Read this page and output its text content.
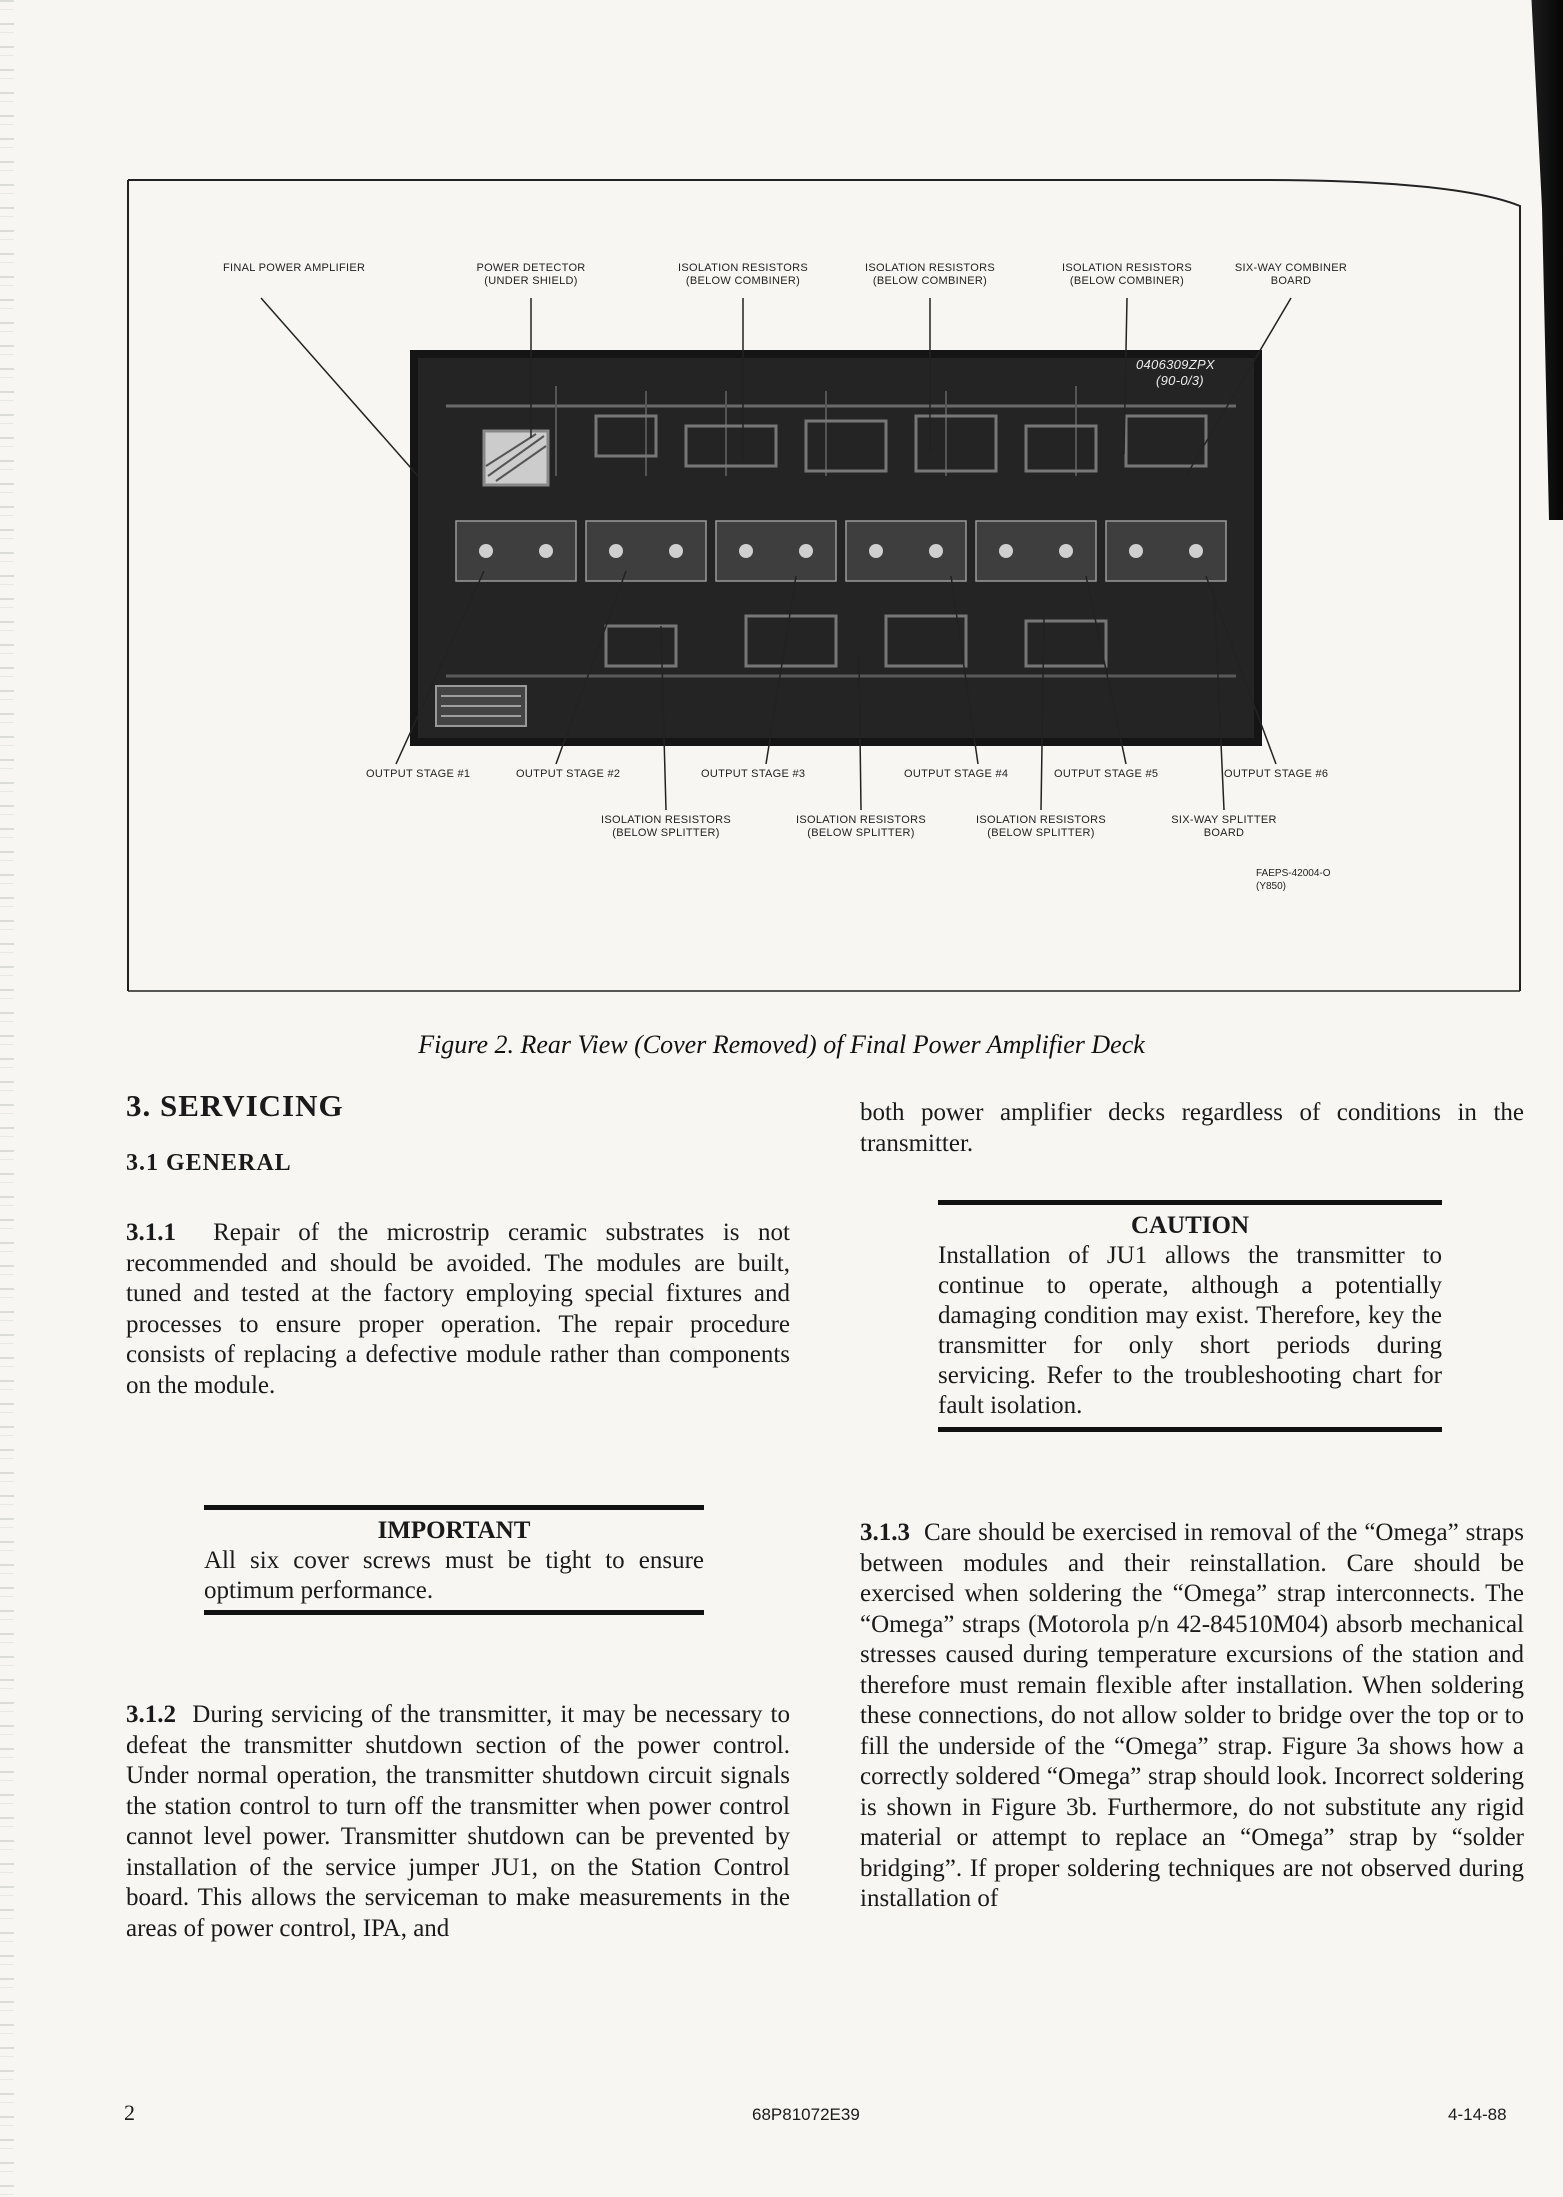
FINAL POWER AMPLIFIER	POWER DETECTOR (UNDER SHIELD)
ISOLATION RESISTORS (BELOW COMBINER)
ISOLATION RESISTORS (BELOW COMBINER)
ISOLATION RESISTORS (BELOW COMBINER)
SIX-WAY COMBINER BOARD
0406309ZPX
(90-0/3)
OUTPUT STAGE #1	OUTPUT STAGE #2	OUTPUT STAGE #3	OUTPUT STAGE #4	OUTPUT STAGE #5	OUTPUT STAGE #6
ISOLATION RESISTORS (BELOW SPLITTER)
ISOLATION RESISTORS (BELOW SPLITTER)
ISOLATION RESISTORS (BELOW SPLITTER)
SIX-WAY SPLITTER BOARD
FAEPS-42004-O
(Y850)
Figure 2. Rear View (Cover Removed) of Final Power Amplifier Deck
3. SERVICING
3.1 GENERAL

3.1.1 Repair of the microstrip ceramic substrates is not recommended and should be avoided. The modules are built, tuned and tested at the factory employing special fixtures and processes to ensure proper operation. The repair procedure consists of replacing a defective module rather than components on the module.

IMPORTANT
All six cover screws must be tight to ensure optimum performance.

3.1.2 During servicing of the transmitter, it may be necessary to defeat the transmitter shutdown section of the power control. Under normal operation, the transmitter shutdown circuit signals the station control to turn off the transmitter when power control cannot level power. Transmitter shutdown can be prevented by installation of the service jumper JU1, on the Station Control board. This allows the serviceman to make measurements in the areas of power control, IPA, and

both power amplifier decks regardless of conditions in the transmitter.

CAUTION
Installation of JU1 allows the transmitter to continue to operate, although a potentially damaging condition may exist. Therefore, key the transmitter for only short periods during servicing. Refer to the troubleshooting chart for fault isolation.

3.1.3 Care should be exercised in removal of the “Omega” straps between modules and their reinstallation. Care should be exercised when soldering the “Omega” strap interconnects. The “Omega” straps (Motorola p/n 42-84510M04) absorb mechanical stresses caused during temperature excursions of the station and therefore must remain flexible after installation. When soldering these connections, do not allow solder to bridge over the top or to fill the underside of the “Omega” strap. Figure 3a shows how a correctly soldered “Omega” strap should look. Incorrect soldering is shown in Figure 3b. Furthermore, do not substitute any rigid material or attempt to replace an “Omega” strap by “solder bridging”. If proper soldering techniques are not observed during installation of

2	68P81072E39	4-14-88
